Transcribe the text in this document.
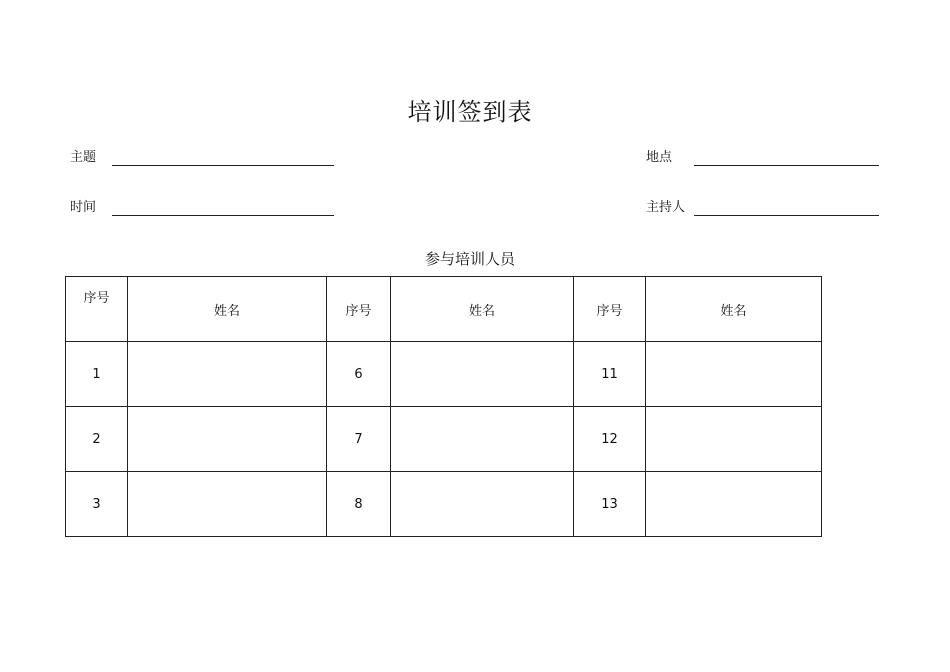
培训签到表
主题	地点
时间	主持人
参与培训人员
序号	姓名	序号	姓名	序号	姓名
1		6		11	
2		7		12	
3		8		13	
